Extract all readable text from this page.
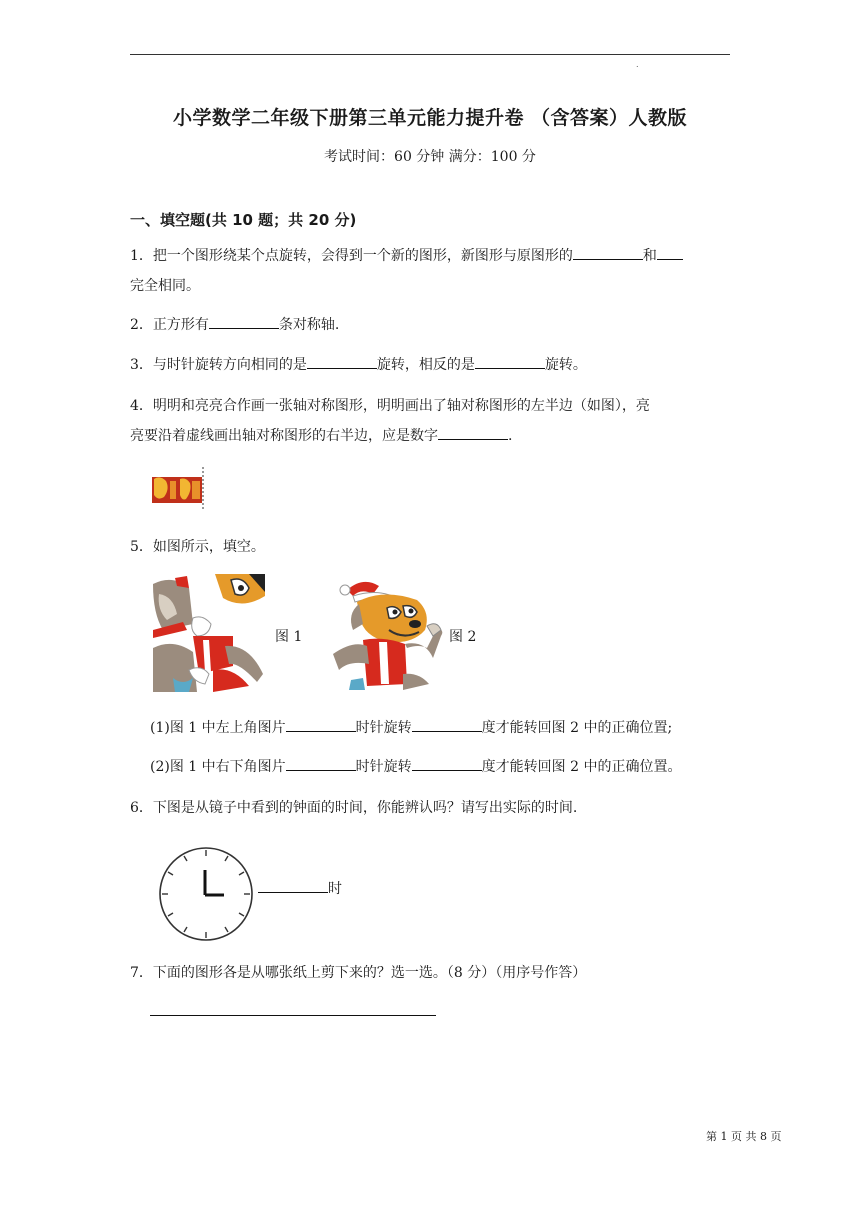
.
小学数学二年级下册第三单元能力提升卷 （含答案）人教版
考试时间：60 分钟 满分：100 分
一、填空题(共 10 题；共 20 分)
1．把一个图形绕某个点旋转，会得到一个新的图形，新图形与原图形的	和
完全相同。
2．正方形有	条对称轴.
3．与时针旋转方向相同的是	旋转，相反的是	旋转。
4．明明和亮亮合作画一张轴对称图形，明明画出了轴对称图形的左半边（如图），亮
亮要沿着虚线画出轴对称图形的右半边，应是数字	.
5．如图所示，填空。
图 1	图 2
(1)图 1 中左上角图片	时针旋转	度才能转回图 2 中的正确位置;
(2)图 1 中右下角图片	时针旋转	度才能转回图 2 中的正确位置。
6．下图是从镜子中看到的钟面的时间，你能辨认吗？请写出实际的时间.
时
7．下面的图形各是从哪张纸上剪下来的？选一选。（8 分）（用序号作答）
第 1 页 共 8 页
